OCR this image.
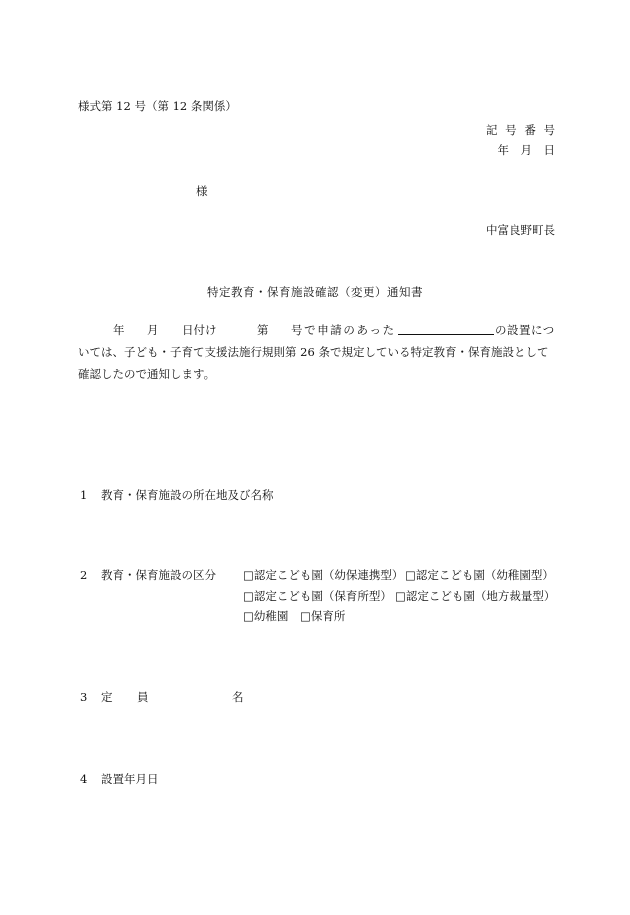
様式第 12 号（第 12 条関係）
記 号 番 号
年　月　日
様
中富良野町長
特定教育・保育施設確認（変更）通知書
年 月 日付け	第 号で申請のあった	の設置につ
いては、子ども・子育て支援法施行規則第 26 条で規定している特定教育・保育施設として
確認したので通知します。
1 教育・保育施設の所在地及び名称
2 教育・保育施設の区分 □認定こども園（幼保連携型） □認定こども園（幼稚園型）
□認定こども園（保育所型） □認定こども園（地方裁量型）
□幼稚園 □保育所
3 定 員	名
4 設置年月日
